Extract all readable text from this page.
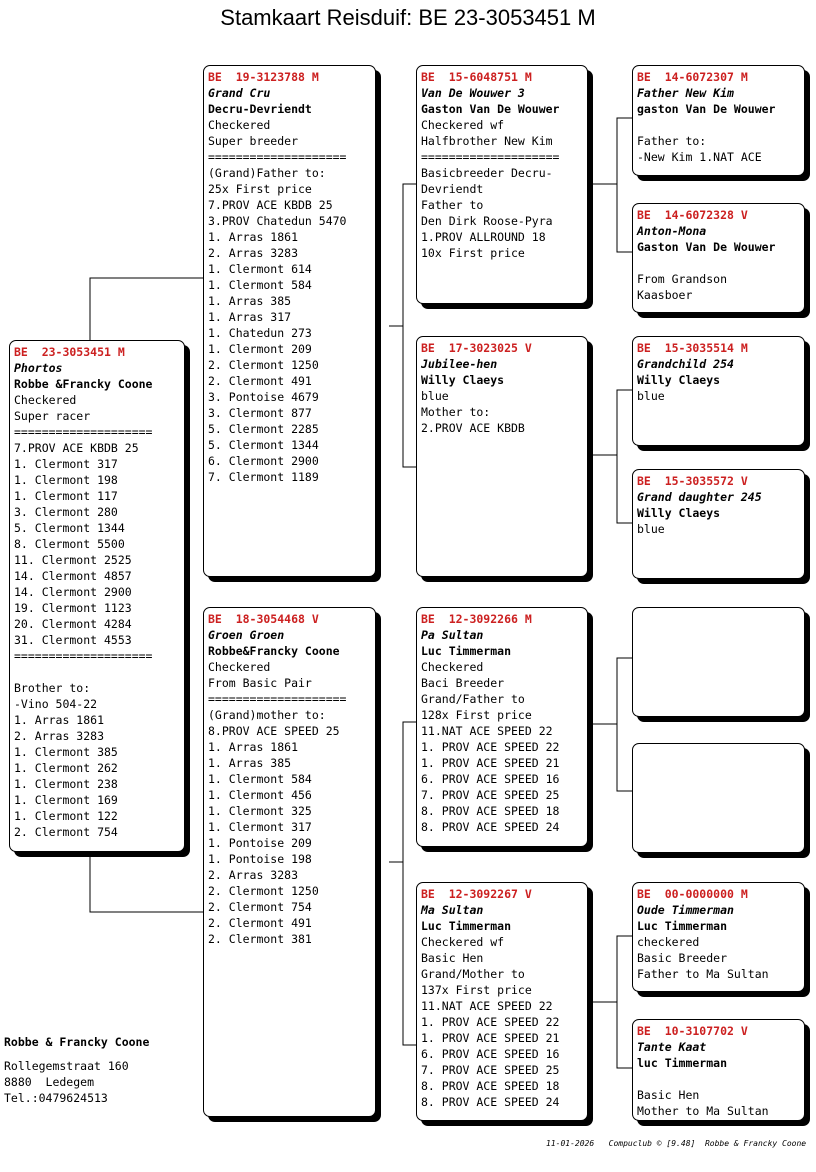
Stamkaart Reisduif: BE 23-3053451 M
BE  23-3053451 M
Phortos
Robbe &Francky Coone
Checkered
Super racer
====================
7.PROV ACE KBDB 25
1. Clermont 317
1. Clermont 198
1. Clermont 117
3. Clermont 280
5. Clermont 1344
8. Clermont 5500
11. Clermont 2525
14. Clermont 4857
14. Clermont 2900
19. Clermont 1123
20. Clermont 4284
31. Clermont 4553
====================
Brother to:
-Vino 504-22
1. Arras 1861
2. Arras 3283
1. Clermont 385
1. Clermont 262
1. Clermont 238
1. Clermont 169
1. Clermont 122
2. Clermont 754
BE  19-3123788 M
Grand Cru
Decru-Devriendt
Checkered
Super breeder
====================
(Grand)Father to:
25x First price
7.PROV ACE KBDB 25
3.PROV Chatedun 5470
1. Arras 1861
2. Arras 3283
1. Clermont 614
1. Clermont 584
1. Arras 385
1. Arras 317
1. Chatedun 273
1. Clermont 209
2. Clermont 1250
2. Clermont 491
3. Pontoise 4679
3. Clermont 877
5. Clermont 2285
5. Clermont 1344
6. Clermont 2900
7. Clermont 1189
BE  18-3054468 V
Groen Groen
Robbe&Francky Coone
Checkered
From Basic Pair
====================
(Grand)mother to:
8.PROV ACE SPEED 25
1. Arras 1861
1. Arras 385
1. Clermont 584
1. Clermont 456
1. Clermont 325
1. Clermont 317
1. Pontoise 209
1. Pontoise 198
2. Arras 3283
2. Clermont 1250
2. Clermont 754
2. Clermont 491
2. Clermont 381
BE  15-6048751 M
Van De Wouwer 3
Gaston Van De Wouwer
Checkered wf
Halfbrother New Kim
====================
Basicbreeder Decru-
Devriendt
Father to
Den Dirk Roose-Pyra
1.PROV ALLROUND 18
10x First price
BE  17-3023025 V
Jubilee-hen
Willy Claeys
blue
Mother to:
2.PROV ACE KBDB
BE  12-3092266 M
Pa Sultan
Luc Timmerman
Checkered
Baci Breeder
Grand/Father to
128x First price
11.NAT ACE SPEED 22
1. PROV ACE SPEED 22
1. PROV ACE SPEED 21
6. PROV ACE SPEED 16
7. PROV ACE SPEED 25
8. PROV ACE SPEED 18
8. PROV ACE SPEED 24
BE  12-3092267 V
Ma Sultan
Luc Timmerman
Checkered wf
Basic Hen
Grand/Mother to
137x First price
11.NAT ACE SPEED 22
1. PROV ACE SPEED 22
1. PROV ACE SPEED 21
6. PROV ACE SPEED 16
7. PROV ACE SPEED 25
8. PROV ACE SPEED 18
8. PROV ACE SPEED 24
BE  14-6072307 M
Father New Kim
gaston Van De Wouwer
Father to:
-New Kim 1.NAT ACE
BE  14-6072328 V
Anton-Mona
Gaston Van De Wouwer
From Grandson
Kaasboer
BE  15-3035514 M
Grandchild 254
Willy Claeys
blue
BE  15-3035572 V
Grand daughter 245
Willy Claeys
blue
BE  00-0000000 M
Oude Timmerman
Luc Timmerman
checkered
Basic Breeder
Father to Ma Sultan
BE  10-3107702 V
Tante Kaat
luc Timmerman
Basic Hen
Mother to Ma Sultan
Robbe & Francky Coone
Rollegemstraat 160
8880  Ledegem
Tel.:0479624513
11-01-2026 Compuclub © [9.48] Robbe & Francky Coone
